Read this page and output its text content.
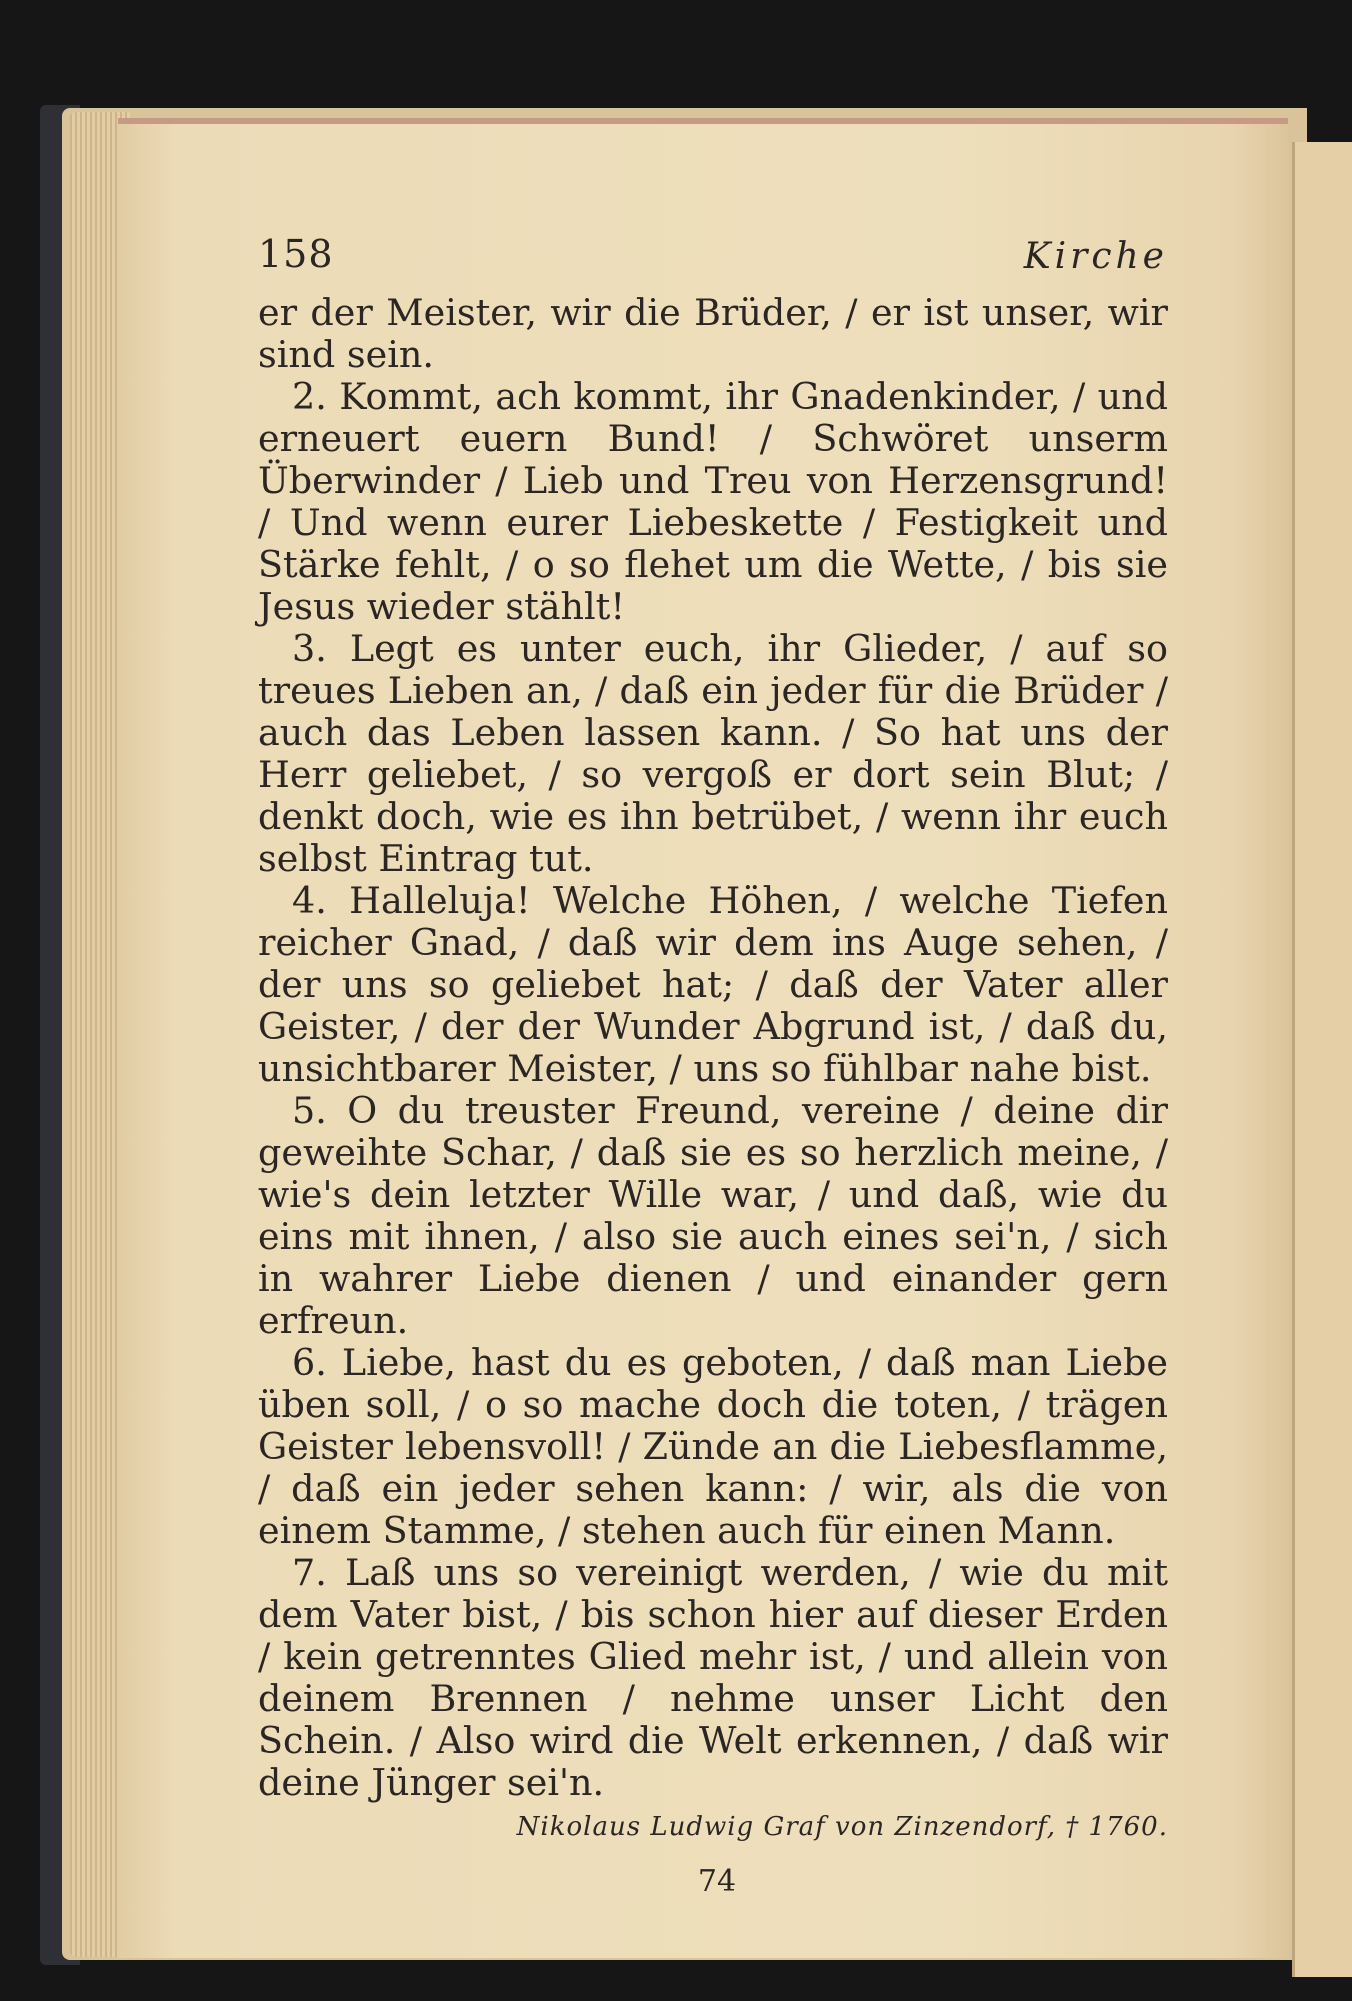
158	Kirche

er der Meister, wir die Brüder, / er ist unser, wir sind sein.

2. Kommt, ach kommt, ihr Gnadenkinder, / und erneuert euern Bund! / Schwöret unserm Überwinder / Lieb und Treu von Herzensgrund! / Und wenn eurer Liebeskette / Festigkeit und Stärke fehlt, / o so flehet um die Wette, / bis sie Jesus wieder stählt!

3. Legt es unter euch, ihr Glieder, / auf so treues Lieben an, / daß ein jeder für die Brüder / auch das Leben lassen kann. / So hat uns der Herr geliebet, / so vergoß er dort sein Blut; / denkt doch, wie es ihn betrübet, / wenn ihr euch selbst Eintrag tut.

4. Halleluja! Welche Höhen, / welche Tiefen reicher Gnad, / daß wir dem ins Auge sehen, / der uns so geliebet hat; / daß der Vater aller Geister, / der der Wunder Abgrund ist, / daß du, unsichtbarer Meister, / uns so fühlbar nahe bist.

5. O du treuster Freund, vereine / deine dir geweihte Schar, / daß sie es so herzlich meine, / wie's dein letzter Wille war, / und daß, wie du eins mit ihnen, / also sie auch eines sei'n, / sich in wahrer Liebe dienen / und einander gern erfreun.

6. Liebe, hast du es geboten, / daß man Liebe üben soll, / o so mache doch die toten, / trägen Geister lebensvoll! / Zünde an die Liebesflamme, / daß ein jeder sehen kann: / wir, als die von einem Stamme, / stehen auch für einen Mann.

7. Laß uns so vereinigt werden, / wie du mit dem Vater bist, / bis schon hier auf dieser Erden / kein getrenntes Glied mehr ist, / und allein von deinem Brennen / nehme unser Licht den Schein. / Also wird die Welt erkennen, / daß wir deine Jünger sei'n.

Nikolaus Ludwig Graf von Zinzendorf, † 1760.
74
